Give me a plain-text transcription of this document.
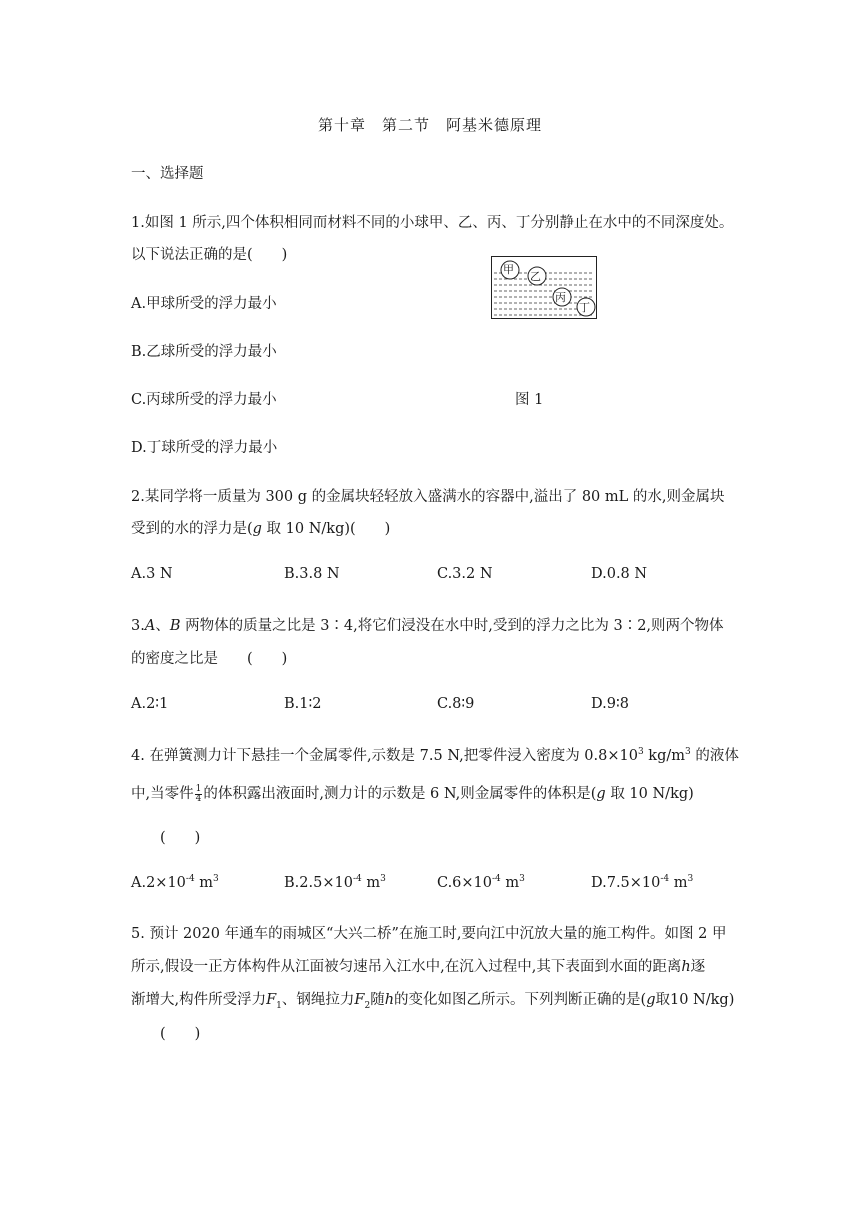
第十章　第二节　阿基米德原理
一、选择题
1.如图 1 所示,四个体积相同而材料不同的小球甲、乙、丙、丁分别静止在水中的不同深度处。
以下说法正确的是(　　)
A.甲球所受的浮力最小
B.乙球所受的浮力最小
C.丙球所受的浮力最小
D.丁球所受的浮力最小
甲
乙
丙
丁
图 1
2.某同学将一质量为 300 g 的金属块轻轻放入盛满水的容器中,溢出了 80 mL 的水,则金属块
受到的水的浮力是(g 取 10 N/kg)(　　)
A.3 N	B.3.8 N	C.3.2 N	D.0.8 N
3.A、B 两物体的质量之比是 3∶4,将它们浸没在水中时,受到的浮力之比为 3∶2,则两个物体
的密度之比是　　(　　)
A.2∶1	B.1∶2	C.8∶9	D.9∶8
4. 在弹簧测力计下悬挂一个金属零件,示数是 7.5 N,把零件浸入密度为 $0.8\times 10^3$ $kg/m^3$ 的液体
中,当零件 $\frac{1}{4}$ 的体积露出液面时,测力计的示数是 6 N,则金属零件的体积是(g 取 10 N/kg)
(　　)
$A.2\times 10^{-4}$ $m^3$	$B.2.5\times 10^{-4}$ $m^3$	$C.6\times 10^{-4}$ $m^3$	$D.7.5\times 10^{-4}$ $m^3$
5. 预计 2020 年通车的雨城区“大兴二桥”在施工时,要向江中沉放大量的施工构件。如图 2 甲
所示,假设一正方体构件从江面被匀速吊入江水中,在沉入过程中,其下表面到水面的距离h逐
渐增大,构件所受浮力$F_1$、钢绳拉力$F_2$随h的变化如图乙所示。下列判断正确的是(g取10 N/kg)
(　　)
